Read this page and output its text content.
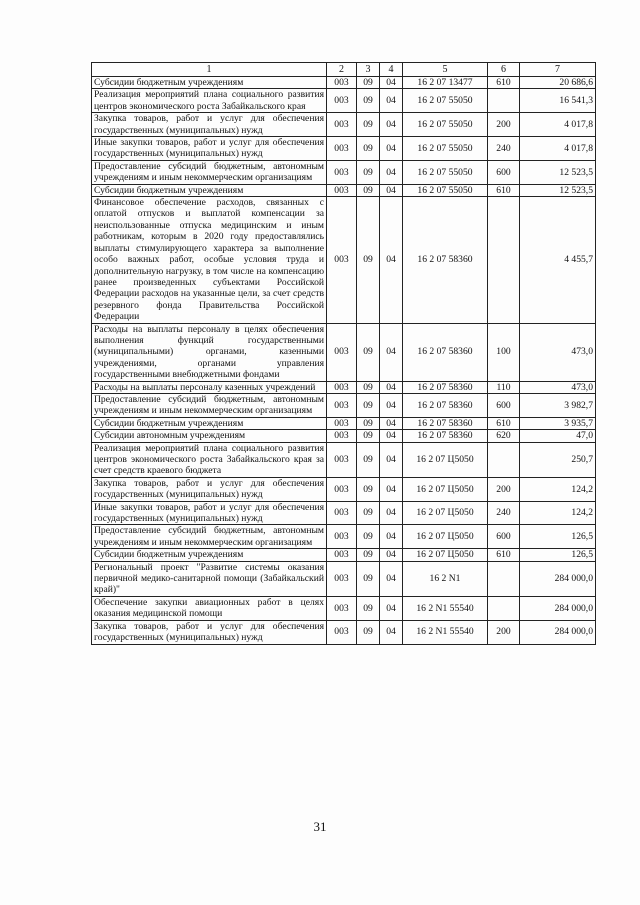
1	2	3	4	5	6	7
Субсидии бюджетным учреждениям	003	09	04	16 2 07 13477	610	20 686,6
Реализация мероприятий плана социального развития центров экономического роста Забайкальского края	003	09	04	16 2 07 55050		16 541,3
Закупка товаров, работ и услуг для обеспечения государственных (муниципальных) нужд	003	09	04	16 2 07 55050	200	4 017,8
Иные закупки товаров, работ и услуг для обеспечения государственных (муниципальных) нужд	003	09	04	16 2 07 55050	240	4 017,8
Предоставление субсидий бюджетным, автономным учреждениям и иным некоммерческим организациям	003	09	04	16 2 07 55050	600	12 523,5
Субсидии бюджетным учреждениям	003	09	04	16 2 07 55050	610	12 523,5
Финансовое обеспечение расходов, связанных с оплатой отпусков и выплатой компенсации за неиспользованные отпуска медицинским и иным работникам, которым в 2020 году предоставлялись выплаты стимулирующего характера за выполнение особо важных работ, особые условия труда и дополнительную нагрузку, в том числе на компенсацию ранее произведенных субъектами Российской Федерации расходов на указанные цели, за счет средств резервного фонда Правительства Российской Федерации	003	09	04	16 2 07 58360		4 455,7
Расходы на выплаты персоналу в целях обеспечения выполнения функций государственными (муниципальными) органами, казенными учреждениями, органами управления государственными внебюджетными фондами	003	09	04	16 2 07 58360	100	473,0
Расходы на выплаты персоналу казенных учреждений	003	09	04	16 2 07 58360	110	473,0
Предоставление субсидий бюджетным, автономным учреждениям и иным некоммерческим организациям	003	09	04	16 2 07 58360	600	3 982,7
Субсидии бюджетным учреждениям	003	09	04	16 2 07 58360	610	3 935,7
Субсидии автономным учреждениям	003	09	04	16 2 07 58360	620	47,0
Реализация мероприятий плана социального развития центров экономического роста Забайкальского края за счет средств краевого бюджета	003	09	04	16 2 07 Ц5050		250,7
Закупка товаров, работ и услуг для обеспечения государственных (муниципальных) нужд	003	09	04	16 2 07 Ц5050	200	124,2
Иные закупки товаров, работ и услуг для обеспечения государственных (муниципальных) нужд	003	09	04	16 2 07 Ц5050	240	124,2
Предоставление субсидий бюджетным, автономным учреждениям и иным некоммерческим организациям	003	09	04	16 2 07 Ц5050	600	126,5
Субсидии бюджетным учреждениям	003	09	04	16 2 07 Ц5050	610	126,5
Региональный проект "Развитие системы оказания первичной медико-санитарной помощи (Забайкальский край)"	003	09	04	16 2 N1		284 000,0
Обеспечение закупки авиационных работ в целях оказания медицинской помощи	003	09	04	16 2 N1 55540		284 000,0
Закупка товаров, работ и услуг для обеспечения государственных (муниципальных) нужд	003	09	04	16 2 N1 55540	200	284 000,0
31
